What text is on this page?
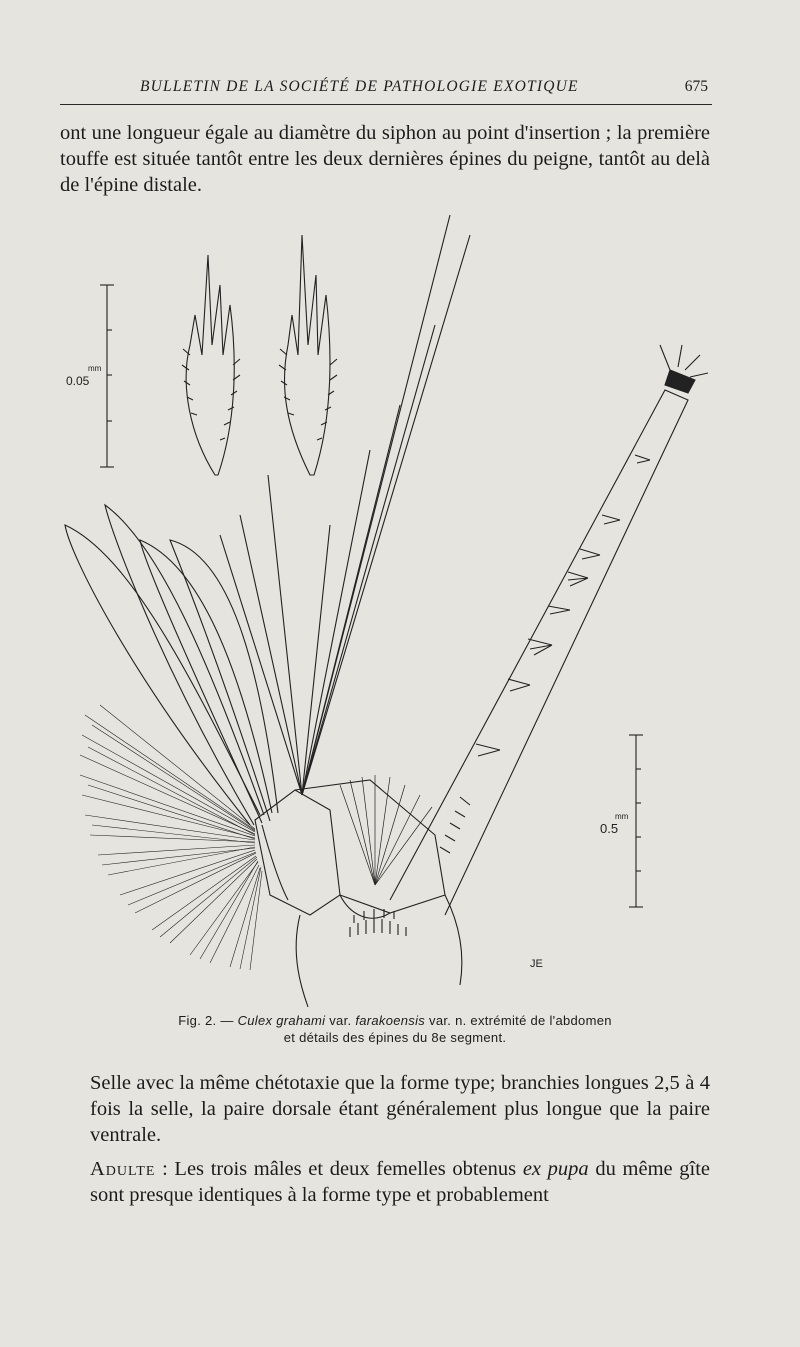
BULLETIN DE LA SOCIÉTÉ DE PATHOLOGIE EXOTIQUE	675

ont une longueur égale au diamètre du siphon au point d'insertion ; la première touffe est située tantôt entre les deux dernières épines du peigne, tantôt au delà de l'épine distale.

0.05
mm
0.5
mm
JE
Fig. 2. — Culex grahami var. farakoensis var. n. extrémité de l'abdomen
et détails des épines du 8e segment.

Selle avec la même chétotaxie que la forme type; branchies longues 2,5 à 4 fois la selle, la paire dorsale étant généralement plus longue que la paire ventrale.

Adulte : Les trois mâles et deux femelles obtenus ex pupa du même gîte sont presque identiques à la forme type et probablement
